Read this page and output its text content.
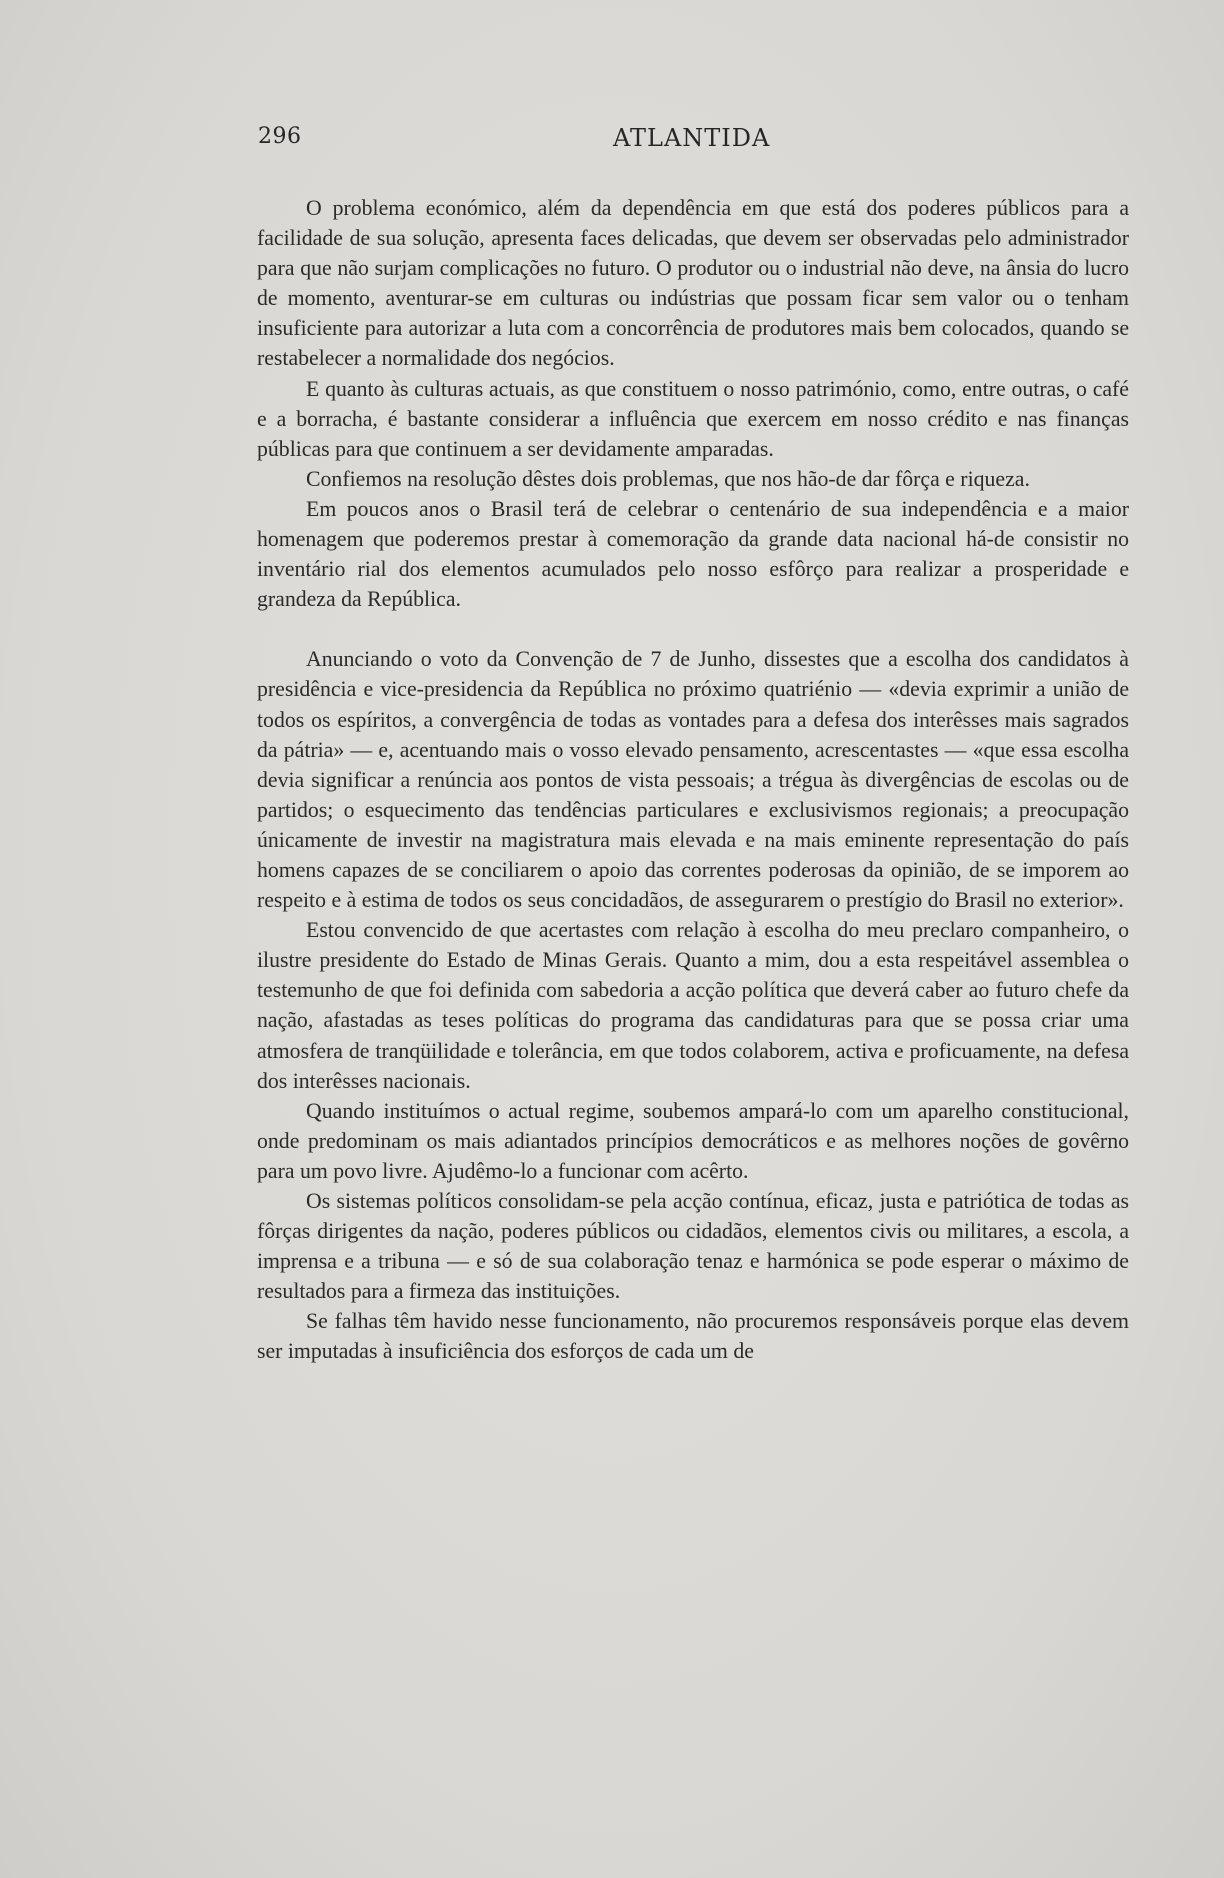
296	ATLANTIDA

O problema económico, além da dependência em que está dos poderes públicos para a facilidade de sua solução, apresenta faces delicadas, que devem ser observadas pelo administrador para que não surjam complicações no futuro. O produtor ou o industrial não deve, na ânsia do lucro de momento, aventurar-se em culturas ou indústrias que possam ficar sem valor ou o tenham insuficiente para autorizar a luta com a concorrência de produtores mais bem colocados, quando se restabelecer a normalidade dos negócios.

E quanto às culturas actuais, as que constituem o nosso património, como, entre outras, o café e a borracha, é bastante considerar a influência que exercem em nosso crédito e nas finanças públicas para que continuem a ser devidamente amparadas.

Confiemos na resolução dêstes dois problemas, que nos hão-de dar fôrça e riqueza.

Em poucos anos o Brasil terá de celebrar o centenário de sua independência e a maior homenagem que poderemos prestar à comemoração da grande data nacional há-de consistir no inventário rial dos elementos acumulados pelo nosso esfôrço para realizar a prosperidade e grandeza da República.

Anunciando o voto da Convenção de 7 de Junho, dissestes que a escolha dos candidatos à presidência e vice-presidencia da República no próximo quatriénio — «devia exprimir a união de todos os espíritos, a convergência de todas as vontades para a defesa dos interêsses mais sagrados da pátria» — e, acentuando mais o vosso elevado pensamento, acrescentastes — «que essa escolha devia significar a renúncia aos pontos de vista pessoais; a trégua às divergências de escolas ou de partidos; o esquecimento das tendências particulares e exclusivismos regionais; a preocupação únicamente de investir na magistratura mais elevada e na mais eminente representação do país homens capazes de se conciliarem o apoio das correntes poderosas da opinião, de se imporem ao respeito e à estima de todos os seus concidadãos, de assegurarem o prestígio do Brasil no exterior».

Estou convencido de que acertastes com relação à escolha do meu preclaro companheiro, o ilustre presidente do Estado de Minas Gerais. Quanto a mim, dou a esta respeitável assemblea o testemunho de que foi definida com sabedoria a acção política que deverá caber ao futuro chefe da nação, afastadas as teses políticas do programa das candidaturas para que se possa criar uma atmosfera de tranqüilidade e tolerância, em que todos colaborem, activa e proficuamente, na defesa dos interêsses nacionais.

Quando instituímos o actual regime, soubemos ampará-lo com um aparelho constitucional, onde predominam os mais adiantados princípios democráticos e as melhores noções de govêrno para um povo livre. Ajudêmo-lo a funcionar com acêrto.

Os sistemas políticos consolidam-se pela acção contínua, eficaz, justa e patriótica de todas as fôrças dirigentes da nação, poderes públicos ou cidadãos, elementos civis ou militares, a escola, a imprensa e a tribuna — e só de sua colaboração tenaz e harmónica se pode esperar o máximo de resultados para a firmeza das instituições.

Se falhas têm havido nesse funcionamento, não procuremos responsáveis porque elas devem ser imputadas à insuficiência dos esforços de cada um de
